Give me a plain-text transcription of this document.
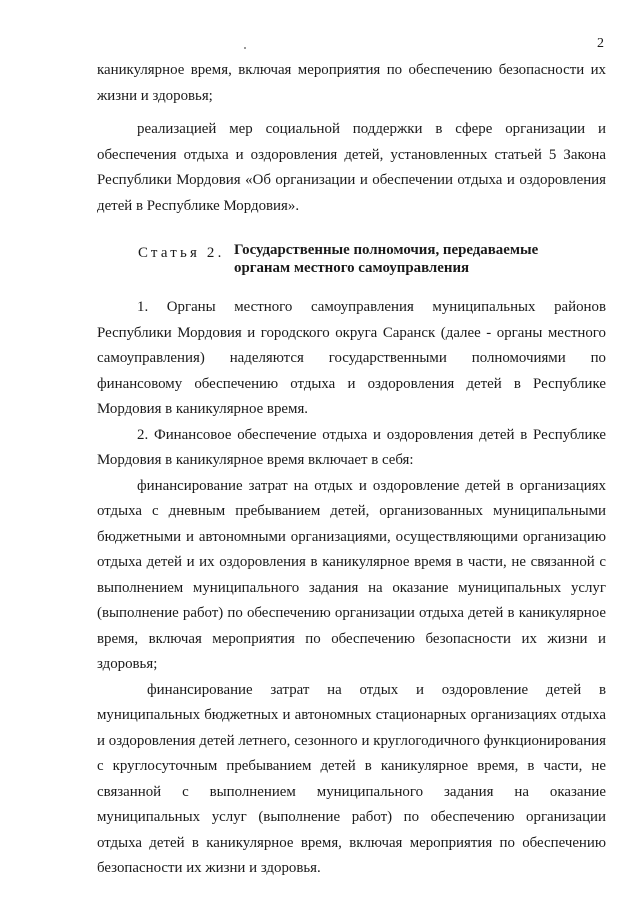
2

каникулярное время, включая мероприятия по обеспечению безопасности их жизни и здоровья;

реализацией мер социальной поддержки в сфере организации и обеспечения отдыха и оздоровления детей, установленных статьей 5 Закона Республики Мордовия «Об организации и обеспечении отдыха и оздоровления детей в Республике Мордовия».

Статья 2. Государственные полномочия, передаваемые
органам местного самоуправления

1. Органы местного самоуправления муниципальных районов Республики Мордовия и городского округа Саранск (далее - органы местного самоуправления) наделяются государственными полномочиями по финансовому обеспечению отдыха и оздоровления детей в Республике Мордовия в каникулярное время.

2. Финансовое обеспечение отдыха и оздоровления детей в Республике Мордовия в каникулярное время включает в себя:

финансирование затрат на отдых и оздоровление детей в организациях отдыха с дневным пребыванием детей, организованных муниципальными бюджетными и автономными организациями, осуществляющими организацию отдыха детей и их оздоровления в каникулярное время в части, не связанной с выполнением муниципального задания на оказание муниципальных услуг (выполнение работ) по обеспечению организации отдыха детей в каникулярное время, включая мероприятия по обеспечению безопасности их жизни и здоровья;

финансирование затрат на отдых и оздоровление детей в муниципальных бюджетных и автономных стационарных организациях отдыха и оздоровления детей летнего, сезонного и круглогодичного функционирования с круглосуточным пребыванием детей в каникулярное время, в части, не связанной с выполнением муниципального задания на оказание муниципальных услуг (выполнение работ) по обеспечению организации отдыха детей в каникулярное время, включая мероприятия по обеспечению безопасности их жизни и здоровья.
